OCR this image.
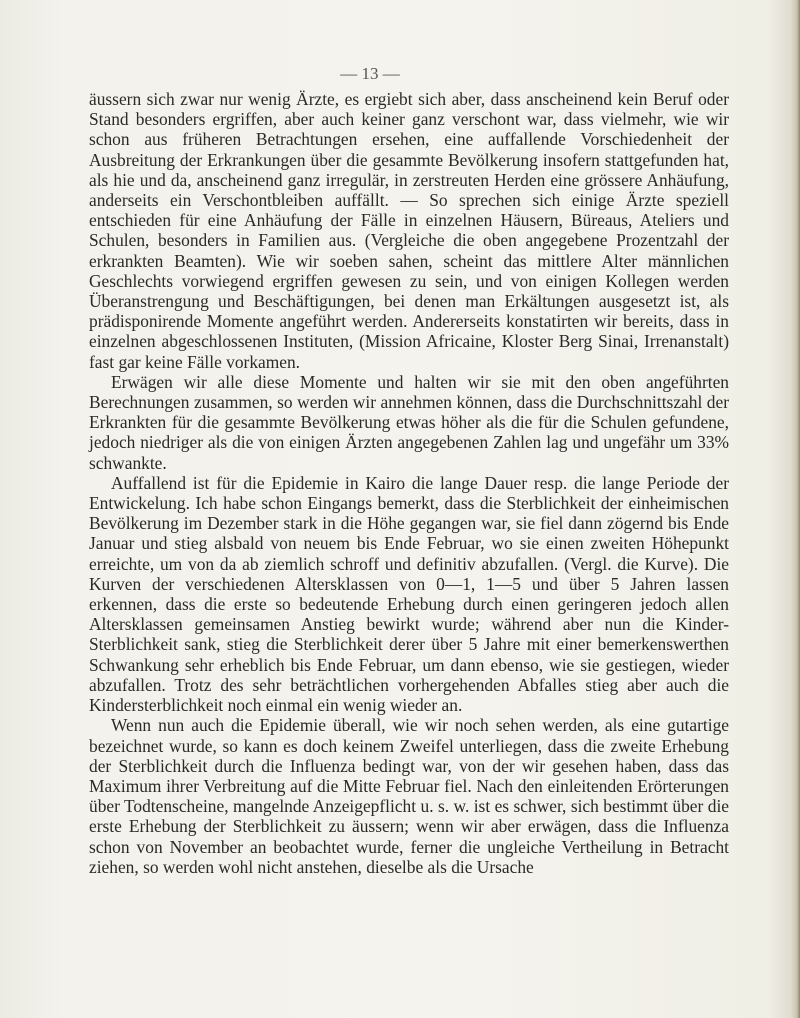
— 13 —

äussern sich zwar nur wenig Ärzte, es ergiebt sich aber, dass anscheinend kein Beruf oder Stand besonders ergriffen, aber auch keiner ganz verschont war, dass vielmehr, wie wir schon aus früheren Betrachtungen ersehen, eine auffallende Vorschiedenheit der Ausbreitung der Erkrankungen über die gesammte Bevölkerung insofern stattgefunden hat, als hie und da, anscheinend ganz irregulär, in zerstreuten Herden eine grössere Anhäufung, anderseits ein Verschontbleiben auffällt. — So sprechen sich einige Ärzte speziell entschieden für eine Anhäufung der Fälle in einzelnen Häusern, Büreaus, Ateliers und Schulen, besonders in Familien aus. (Vergleiche die oben angegebene Prozentzahl der erkrankten Beamten). Wie wir soeben sahen, scheint das mittlere Alter männlichen Geschlechts vorwiegend ergriffen gewesen zu sein, und von einigen Kollegen werden Überanstrengung und Beschäftigungen, bei denen man Erkältungen ausgesetzt ist, als prädisponirende Momente angeführt werden. Andererseits konstatirten wir bereits, dass in einzelnen abgeschlossenen Instituten, (Mission Africaine, Kloster Berg Sinai, Irrenanstalt) fast gar keine Fälle vorkamen.

Erwägen wir alle diese Momente und halten wir sie mit den oben angeführten Berechnungen zusammen, so werden wir annehmen können, dass die Durchschnittszahl der Erkrankten für die gesammte Bevölkerung etwas höher als die für die Schulen gefundene, jedoch niedriger als die von einigen Ärzten angegebenen Zahlen lag und ungefähr um 33% schwankte.

Auffallend ist für die Epidemie in Kairo die lange Dauer resp. die lange Periode der Entwickelung. Ich habe schon Eingangs bemerkt, dass die Sterblichkeit der einheimischen Bevölkerung im Dezember stark in die Höhe gegangen war, sie fiel dann zögernd bis Ende Januar und stieg alsbald von neuem bis Ende Februar, wo sie einen zweiten Höhepunkt erreichte, um von da ab ziemlich schroff und definitiv abzufallen. (Vergl. die Kurve). Die Kurven der verschiedenen Altersklassen von 0—1, 1—5 und über 5 Jahren lassen erkennen, dass die erste so bedeutende Erhebung durch einen geringeren jedoch allen Altersklassen gemeinsamen Anstieg bewirkt wurde; während aber nun die Kinder-Sterblichkeit sank, stieg die Sterblichkeit derer über 5 Jahre mit einer bemerkenswerthen Schwankung sehr erheblich bis Ende Februar, um dann ebenso, wie sie gestiegen, wieder abzufallen. Trotz des sehr beträchtlichen vorhergehenden Abfalles stieg aber auch die Kindersterblichkeit noch einmal ein wenig wieder an.

Wenn nun auch die Epidemie überall, wie wir noch sehen werden, als eine gutartige bezeichnet wurde, so kann es doch keinem Zweifel unterliegen, dass die zweite Erhebung der Sterblichkeit durch die Influenza bedingt war, von der wir gesehen haben, dass das Maximum ihrer Verbreitung auf die Mitte Februar fiel. Nach den einleitenden Erörterungen über Todtenscheine, mangelnde Anzeigepflicht u. s. w. ist es schwer, sich bestimmt über die erste Erhebung der Sterblichkeit zu äussern; wenn wir aber erwägen, dass die Influenza schon von November an beobachtet wurde, ferner die ungleiche Vertheilung in Betracht ziehen, so werden wohl nicht anstehen, dieselbe als die Ursache
